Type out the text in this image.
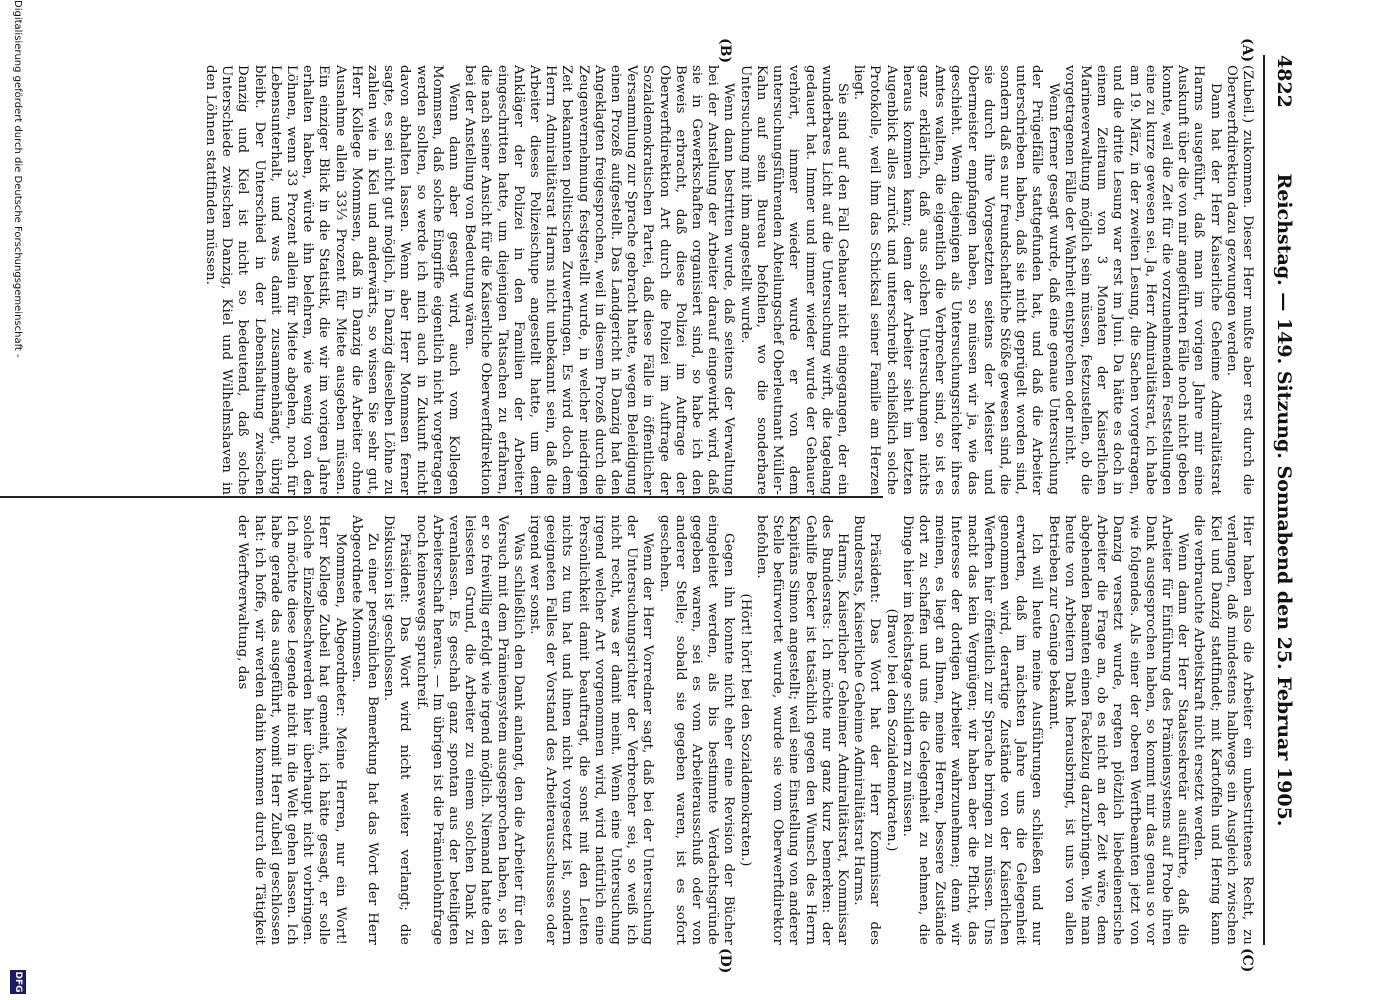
4822
Reichstag. — 149. Sitzung. Sonnabend den 25. Februar 1905.
(A)
(B)
(C)
(D)

(Zubeil.) zukommen. Dieser Herr mußte aber erst durch die Oberwerftdirektion dazu gezwungen werden.

Dann hat der Herr Kaiserliche Geheime Admiralitätsrat Harms ausgeführt, daß man im vorigen Jahre mir eine Auskunft über die von mir angeführten Fälle noch nicht geben konnte, weil die Zeit für die vorzunehmenden Feststellungen eine zu kurze gewesen sei. Ja, Herr Admiralitätsrat, ich habe am 19. März, in der zweiten Lesung, die Sachen vorgetragen, und die dritte Lesung war erst im Juni. Da hätte es doch in einem Zeitraum von 3 Monaten der Kaiserlichen Marineverwaltung möglich sein müssen, festzustellen, ob die vorgetragenen Fälle der Wahrheit entsprechen oder nicht.

Wenn ferner gesagt wurde, daß eine genaue Untersuchung der Prügelfälle stattgefunden hat, und daß die Arbeiter unterschrieben haben, daß sie nicht geprügelt worden sind, sondern daß es nur freundschaftliche Stöße gewesen sind, die sie durch ihre Vorgesetzten seitens der Meister und Obermeister empfangen haben, so müssen wir ja, wie das geschieht. Wenn diejenigen als Untersuchungsrichter ihres Amtes walten, die eigentlich die Verbrecher sind, so ist es ganz erklärlich, daß aus solchen Untersuchungen nichts heraus kommen kann; denn der Arbeiter sieht im letzten Augenblick alles zurück und unterschreibt schließlich solche Protokolle, weil ihm das Schicksal seiner Familie am Herzen liegt.

Sie sind auf den Fall Gehauer nicht eingegangen, der ein wunderbares Licht auf die Untersuchung wirft, die tagelang gedauert hat. Immer und immer wieder wurde der Gehauer verhört, immer wieder wurde er von dem untersuchungsführenden Abteilungschef Oberleutnant Müller-Kahn auf sein Bureau befohlen, wo die sonderbare Untersuchung mit ihm angestellt wurde.

Wenn dann bestritten wurde, daß seitens der Verwaltung bei der Anstellung der Arbeiter darauf eingewirkt wird, daß sie in Gewerkschaften organisiert sind, so habe ich den Beweis erbracht, daß diese Polizei im Auftrage der Oberwerftdirektion Art durch die Polizei im Auftrage der Sozialdemokratischen Partei, daß diese Fälle in öffentlicher Versammlung zur Sprache gebracht hatte, wegen Beleidigung einen Prozeß aufgestellt. Das Landgericht in Danzig hat den Angeklagten freigesprochen, weil in diesem Prozeß durch die Zeugenvernehmung festgestellt wurde, in welcher niedrigen Zeit bekannten politischen Zuwerfungen. Es wird doch dem Herrn Admiralitätsrat Harms nicht unbekannt sein, daß die Arbeiter dieses Polizeischupe angestellt hatte, um dem Ankläger der Polizei in den Familien der Arbeiter eingeschritten hatte, um diejenigen Tatsachen zu erfahren, die nach seiner Ansicht für die Kaiserliche Oberwerftdirektion bei der Anstellung von Bedeutung wären.

Wenn dann aber gesagt wird, auch vom Kollegen Mommsen, daß solche Eingriffe eigentlich nicht vorgetragen werden sollten, so werde ich mich auch in Zukunft nicht davon abhalten lassen. Wenn aber Herr Mommsen ferner sagte, es sei nicht gut möglich, in Danzig dieselben Löhne zu zahlen wie in Kiel und anderwärts, so wissen Sie sehr gut, Herr Kollege Mommsen, daß in Danzig die Arbeiter ohne Ausnahme allein 33⅓ Prozent für Miete ausgeben müssen. Ein einziger Blick in die Statistik, die wir im vorigen Jahre erhalten haben, würde ihn belehren, wie wenig von den Löhnen, wenn 33 Prozent allein für Miete abgehen, noch für Lebensunterhalt, und was damit zusammenhängt, übrig bleibt. Der Unterschied in der Lebenshaltung zwischen Danzig und Kiel ist nicht so bedeutend, daß solche Unterschiede zwischen Danzig, Kiel und Wilhelmshaven in den Löhnen stattfinden müssen.

Hier haben also die Arbeiter ein unbestrittenes Recht, zu verlangen, daß mindestens halbwegs ein Ausgleich zwischen Kiel und Danzig stattfindet; mit Kartoffeln und Hering kann die verbrauchte Arbeitskraft nicht ersetzt werden.

Wenn dann der Herr Staatssekretär ausführte, daß die Arbeiter für Einführung des Prämiensystems auf Probe ihren Dank ausgesprochen haben, so kommt mir das genau so vor wie folgendes. Als einer der oberen Werftbeamten jetzt von Danzig versetzt wurde, regten plötzlich liebedienerische Arbeiter die Frage an, ob es nicht an der Zeit wäre, dem abgehenden Beamten einen Fackelzug darzubringen. Wie man heute von Arbeitern Dank herausbringt, ist uns von allen Betrieben zur Genüge bekannt.

Ich will heute meine Ausführungen schließen und nur erwarten, daß im nächsten Jahre uns die Gelegenheit genommen wird, derartige Zustände von der Kaiserlichen Werften hier öffentlich zur Sprache bringen zu müssen. Uns macht das kein Vergnügen; wir haben aber die Pflicht, das Interesse der dortigen Arbeiter wahrzunehmen; denn wir meinen, es liegt an Ihnen, meine Herren, bessere Zustände dort zu schaffen und uns die Gelegenheit zu nehmen, die Dinge hier im Reichstage schildern zu müssen.

(Bravo! bei den Sozialdemokraten.)

Präsident: Das Wort hat der Herr Kommissar des Bundesrats, Kaiserliche Geheime Admiralitätsrat Harms.

Harms, Kaiserlicher Geheimer Admiralitätsrat, Kommissar des Bundesrats: Ich möchte nur ganz kurz bemerken: der Gehilfe Becker ist tatsächlich gegen den Wunsch des Herrn Kapitäns Simon angestellt; weil seine Einstellung von anderer Stelle befürwortet wurde, wurde sie vom Oberwerftdirektor befohlen.

(Hört! hört! bei den Sozialdemokraten.)

Gegen ihn konnte nicht eher eine Revision der Bücher eingeleitet werden, als bis bestimmte Verdachtsgründe gegeben waren, sei es vom Arbeiterausschuß oder von anderer Stelle; sobald sie gegeben waren, ist es sofort geschehen.

Wenn der Herr Vorredner sagt, daß bei der Untersuchung der Untersuchungsrichter der Verbrecher sei, so weiß ich nicht recht, was er damit meint. Wenn eine Untersuchung irgend welcher Art vorgenommen wird, wird natürlich eine Persönlichkeit damit beauftragt, die sonst mit den Leuten nichts zu tun hat und ihnen nicht vorgesetzt ist, sondern geeigneten Falles der Vorstand des Arbeiterausschusses oder irgend wer sonst.

Was schließlich den Dank anlangt, den die Arbeiter für den Versuch mit dem Prämiensystem ausgesprochen haben, so ist er so freiwillig erfolgt wie irgend möglich. Niemand hatte den leisesten Grund, die Arbeiter zu einem solchen Dank zu veranlassen. Es geschah ganz spontan aus der beteiligten Arbeiterschaft heraus. — Im übrigen ist die Prämienlohnfrage noch keineswegs spruchreif.

Präsident: Das Wort wird nicht weiter verlangt; die Diskussion ist geschlossen.

Zu einer persönlichen Bemerkung hat das Wort der Herr Abgeordnete Mommsen.

Mommsen, Abgeordneter: Meine Herren, nur ein Wort! Herr Kollege Zubeil hat gemeint, ich hätte gesagt, er solle solche Einzelbeschwerden hier überhaupt nicht vorbringen. Ich möchte diese Legende nicht in die Welt gehen lassen. Ich habe gerade das ausgeführt, womit Herr Zubeil geschlossen hat: ich hoffe, wir werden dahin kommen durch die Tätigkeit der Werftverwaltung, das

Digitalisierung gefördert durch die Deutsche Forschungsgemeinschaft -
DFG
